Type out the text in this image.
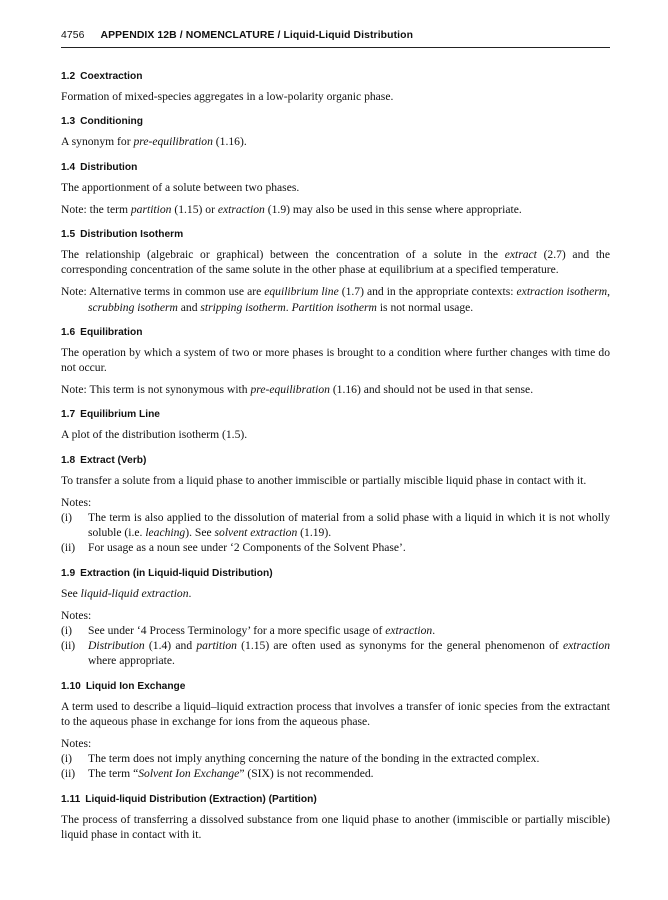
4756 APPENDIX 12B / NOMENCLATURE / Liquid-Liquid Distribution
1.2 Coextraction

Formation of mixed-species aggregates in a low-polarity organic phase.

1.3 Conditioning

A synonym for pre-equilibration (1.16).

1.4 Distribution

The apportionment of a solute between two phases.

Note: the term partition (1.15) or extraction (1.9) may also be used in this sense where appropriate.

1.5 Distribution Isotherm

The relationship (algebraic or graphical) between the concentration of a solute in the extract (2.7) and the corresponding concentration of the same solute in the other phase at equilibrium at a specified temperature.

Note: Alternative terms in common use are equilibrium line (1.7) and in the appropriate contexts: extraction isotherm, scrubbing isotherm and stripping isotherm. Partition isotherm is not normal usage.

1.6 Equilibration

The operation by which a system of two or more phases is brought to a condition where further changes with time do not occur.

Note: This term is not synonymous with pre-equilibration (1.16) and should not be used in that sense.

1.7 Equilibrium Line

A plot of the distribution isotherm (1.5).

1.8 Extract (Verb)

To transfer a solute from a liquid phase to another immiscible or partially miscible liquid phase in contact with it.

Notes:

(i)	The term is also applied to the dissolution of material from a solid phase with a liquid in which it is not wholly soluble (i.e. leaching). See solvent extraction (1.19).
(ii)	For usage as a noun see under ‘2 Components of the Solvent Phase’.
1.9 Extraction (in Liquid-liquid Distribution)

See liquid-liquid extraction.

Notes:

(i)	See under ‘4 Process Terminology’ for a more specific usage of extraction.
(ii)	Distribution (1.4) and partition (1.15) are often used as synonyms for the general phenomenon of extraction where appropriate.
1.10 Liquid Ion Exchange

A term used to describe a liquid–liquid extraction process that involves a transfer of ionic species from the extractant to the aqueous phase in exchange for ions from the aqueous phase.

Notes:

(i)	The term does not imply anything concerning the nature of the bonding in the extracted complex.
(ii)	The term “Solvent Ion Exchange” (SIX) is not recommended.
1.11 Liquid-liquid Distribution (Extraction) (Partition)

The process of transferring a dissolved substance from one liquid phase to another (immiscible or partially miscible) liquid phase in contact with it.
